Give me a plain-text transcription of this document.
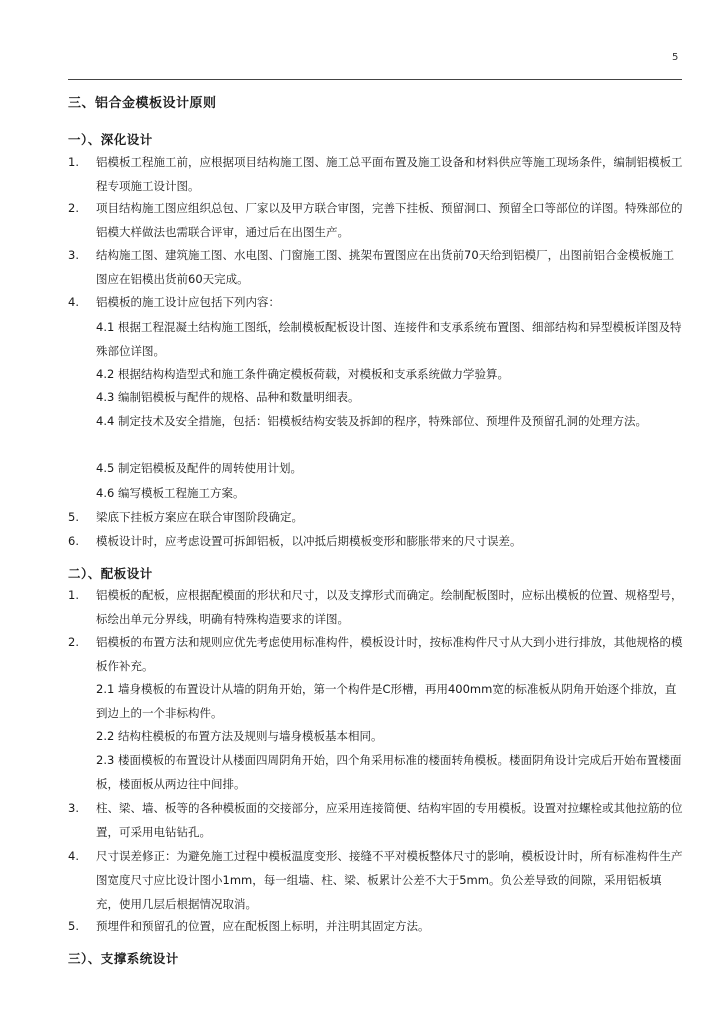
5
三、铝合金模板设计原则
一）、深化设计
1.	铝模板工程施工前，应根据项目结构施工图、施工总平面布置及施工设备和材料供应等施工现场条件，编制铝模板工程专项施工设计图。
2.	项目结构施工图应组织总包、厂家以及甲方联合审图，完善下挂板、预留洞口、预留全口等部位的详图。特殊部位的铝模大样做法也需联合评审，通过后在出图生产。
3.	结构施工图、建筑施工图、水电图、门窗施工图、挑架布置图应在出货前70天给到铝模厂，出图前铝合金模板施工图应在铝模出货前60天完成。
4.	铝模板的施工设计应包括下列内容：
4.1 根据工程混凝土结构施工图纸，绘制模板配板设计图、连接件和支承系统布置图、细部结构和异型模板详图及特殊部位详图。
4.2 根据结构构造型式和施工条件确定模板荷载，对模板和支承系统做力学验算。
4.3 编制铝模板与配件的规格、品种和数量明细表。
4.4 制定技术及安全措施，包括：铝模板结构安装及拆卸的程序，特殊部位、预埋件及预留孔洞的处理方法。
4.5 制定铝模板及配件的周转使用计划。
4.6 编写模板工程施工方案。
5.	梁底下挂板方案应在联合审图阶段确定。
6.	模板设计时，应考虑设置可拆卸铝板，以冲抵后期模板变形和膨胀带来的尺寸误差。
二）、配板设计
1.	铝模板的配板，应根据配模面的形状和尺寸，以及支撑形式而确定。绘制配板图时，应标出模板的位置、规格型号，标绘出单元分界线，明确有特殊构造要求的详图。
2.	铝模板的布置方法和规则应优先考虑使用标准构件，模板设计时，按标准构件尺寸从大到小进行排放，其他规格的模板作补充。
2.1 墙身模板的布置设计从墙的阴角开始，第一个构件是C形槽，再用400mm宽的标准板从阴角开始逐个排放，直到边上的一个非标构件。
2.2 结构柱模板的布置方法及规则与墙身模板基本相同。
2.3 楼面模板的布置设计从楼面四周阴角开始，四个角采用标准的楼面转角模板。楼面阴角设计完成后开始布置楼面板，楼面板从两边往中间排。
3.	柱、梁、墙、板等的各种模板面的交接部分，应采用连接简便、结构牢固的专用模板。设置对拉螺栓或其他拉筋的位置，可采用电钻钻孔。
4.	尺寸误差修正：为避免施工过程中模板温度变形、接缝不平对模板整体尺寸的影响，模板设计时，所有标准构件生产图宽度尺寸应比设计图小1mm，每一组墙、柱、梁、板累计公差不大于5mm。负公差导致的间隙，采用铝板填充，使用几层后根据情况取消。
5.	预埋件和预留孔的位置，应在配板图上标明，并注明其固定方法。
三）、支撑系统设计
